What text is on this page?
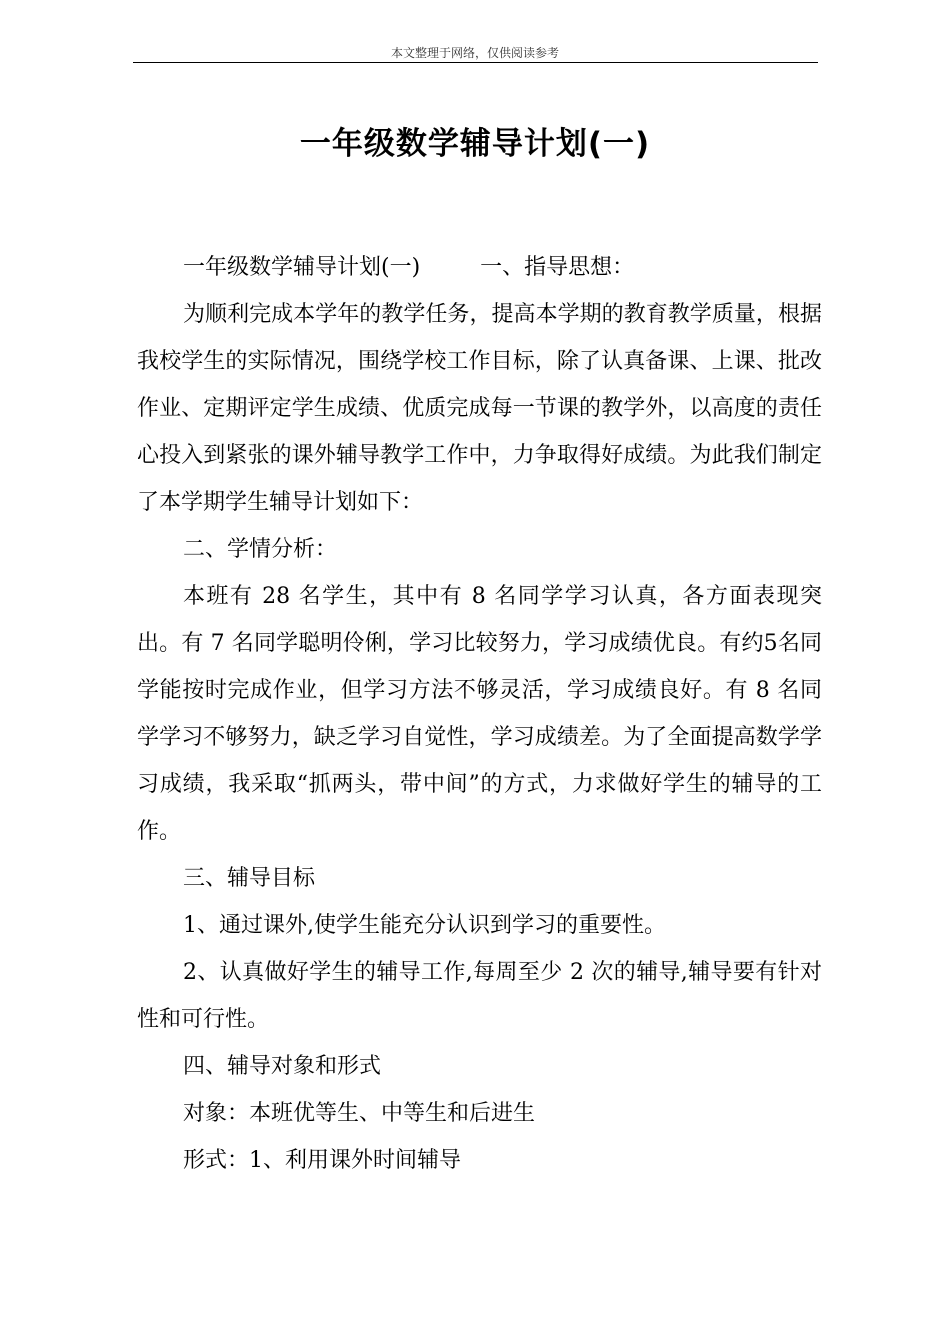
本文整理于网络，仅供阅读参考
一年级数学辅导计划(一)

一年级数学辅导计划(一)	一、指导思想：

为顺利完成本学年的教学任务，提高本学期的教育教学质量，根据我校学生的实际情况，围绕学校工作目标，除了认真备课、上课、批改作业、定期评定学生成绩、优质完成每一节课的教学外，以高度的责任心投入到紧张的课外辅导教学工作中，力争取得好成绩。为此我们制定了本学期学生辅导计划如下：

二、学情分析：

本班有 28 名学生，其中有 8 名同学学习认真，各方面表现突出。有 7 名同学聪明伶俐，学习比较努力，学习成绩优良。有约5名同学能按时完成作业，但学习方法不够灵活，学习成绩良好。有 8 名同学学习不够努力，缺乏学习自觉性，学习成绩差。为了全面提高数学学习成绩，我采取“抓两头，带中间”的方式，力求做好学生的辅导的工作。

三、辅导目标

1、通过课外,使学生能充分认识到学习的重要性。

2、认真做好学生的辅导工作,每周至少 2 次的辅导,辅导要有针对性和可行性。

四、辅导对象和形式

对象：本班优等生、中等生和后进生

形式：1、利用课外时间辅导
